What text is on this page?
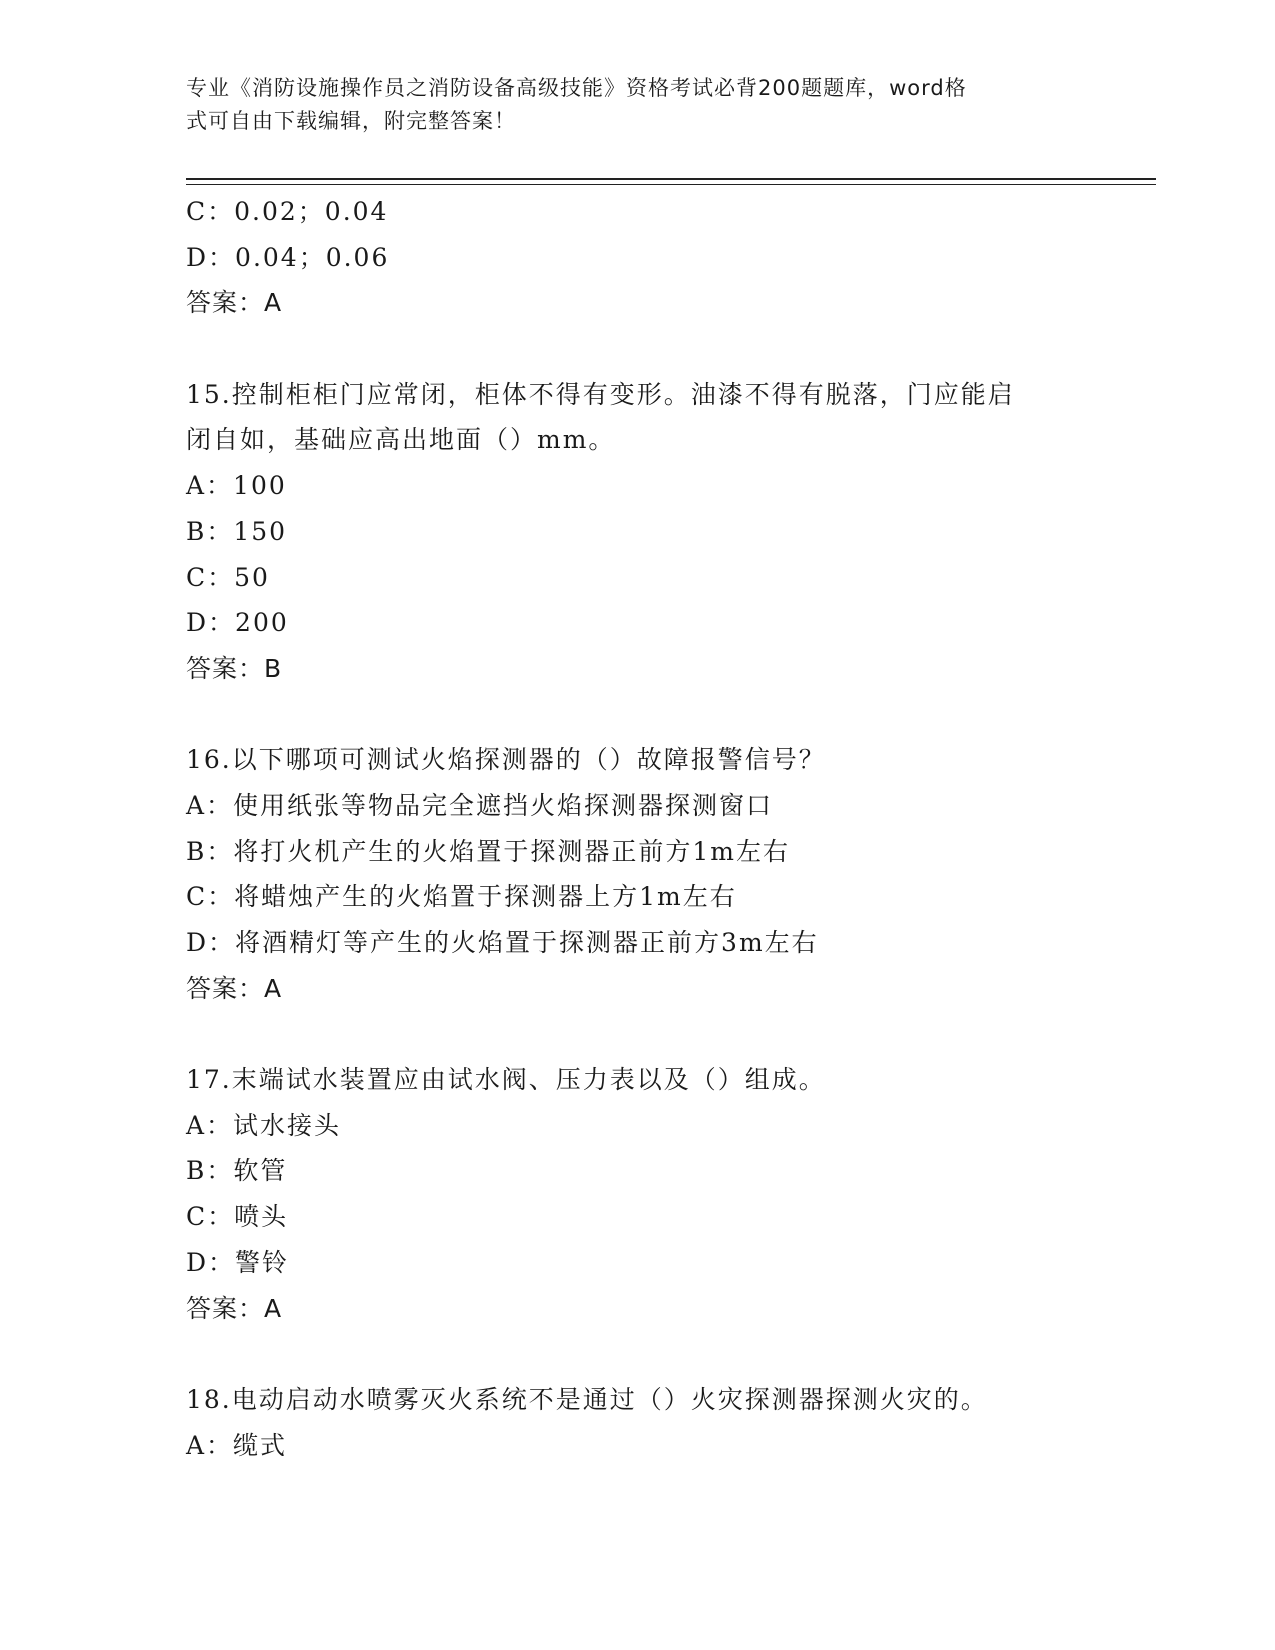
专业《消防设施操作员之消防设备高级技能》资格考试必背200题题库，word格
式可自由下载编辑，附完整答案！
C：0.02；0.04
D：0.04；0.06
答案：A
15.控制柜柜门应常闭，柜体不得有变形。油漆不得有脱落，门应能启
闭自如，基础应高出地面（）mm。
A：100
B：150
C：50
D：200
答案：B
16.以下哪项可测试火焰探测器的（）故障报警信号？
A：使用纸张等物品完全遮挡火焰探测器探测窗口
B：将打火机产生的火焰置于探测器正前方1m左右
C：将蜡烛产生的火焰置于探测器上方1m左右
D：将酒精灯等产生的火焰置于探测器正前方3m左右
答案：A
17.末端试水装置应由试水阀、压力表以及（）组成。
A：试水接头
B：软管
C：喷头
D：警铃
答案：A
18.电动启动水喷雾灭火系统不是通过（）火灾探测器探测火灾的。
A：缆式
